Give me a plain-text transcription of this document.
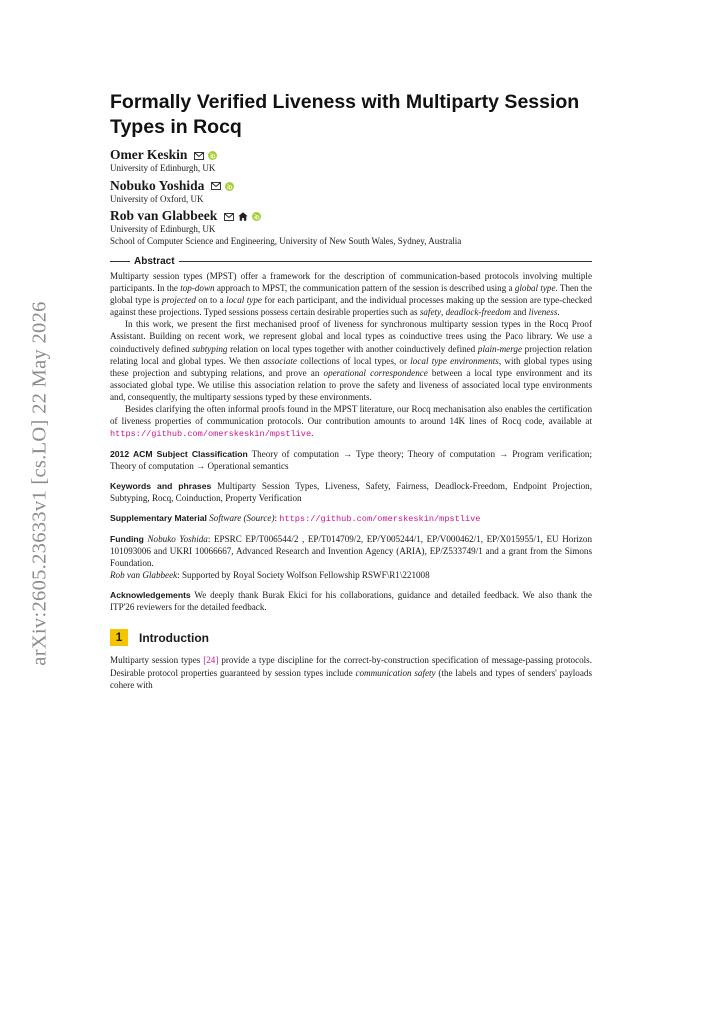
arXiv:2605.23633v1 [cs.LO] 22 May 2026
Formally Verified Liveness with Multiparty Session Types in Rocq
Omer Keskin
University of Edinburgh, UK
Nobuko Yoshida
University of Oxford, UK
Rob van Glabbeek
University of Edinburgh, UK
School of Computer Science and Engineering, University of New South Wales, Sydney, Australia
Abstract

Multiparty session types (MPST) offer a framework for the description of communication-based protocols involving multiple participants. In the top-down approach to MPST, the communication pattern of the session is described using a global type. Then the global type is projected on to a local type for each participant, and the individual processes making up the session are type-checked against these projections. Typed sessions possess certain desirable properties such as safety, deadlock-freedom and liveness.

In this work, we present the first mechanised proof of liveness for synchronous multiparty session types in the Rocq Proof Assistant. Building on recent work, we represent global and local types as coinductive trees using the Paco library. We use a coinductively defined subtyping relation on local types together with another coinductively defined plain-merge projection relation relating local and global types. We then associate collections of local types, or local type environments, with global types using these projection and subtyping relations, and prove an operational correspondence between a local type environment and its associated global type. We utilise this association relation to prove the safety and liveness of associated local type environments and, consequently, the multiparty sessions typed by these environments.

Besides clarifying the often informal proofs found in the MPST literature, our Rocq mechanisation also enables the certification of liveness properties of communication protocols. Our contribution amounts to around 14K lines of Rocq code, available at https://github.com/omerskeskin/mpstlive.

2012 ACM Subject Classification Theory of computation → Type theory; Theory of computation → Program verification; Theory of computation → Operational semantics

Keywords and phrases Multiparty Session Types, Liveness, Safety, Fairness, Deadlock-Freedom, Endpoint Projection, Subtyping, Rocq, Coinduction, Property Verification

Supplementary Material Software (Source): https://github.com/omerskeskin/mpstlive

Funding Nobuko Yoshida: EPSRC EP/T006544/2 , EP/T014709/2, EP/Y005244/1, EP/V000462/1, EP/X015955/1, EU Horizon 101093006 and UKRI 10066667, Advanced Research and Invention Agency (ARIA), EP/Z533749/1 and a grant from the Simons Foundation.
Rob van Glabbeek: Supported by Royal Society Wolfson Fellowship RSWF\R1\221008

Acknowledgements We deeply thank Burak Ekici for his collaborations, guidance and detailed feedback. We also thank the ITP'26 reviewers for the detailed feedback.

1	Introduction

Multiparty session types [24] provide a type discipline for the correct-by-construction specification of message-passing protocols. Desirable protocol properties guaranteed by session types include communication safety (the labels and types of senders' payloads cohere with
